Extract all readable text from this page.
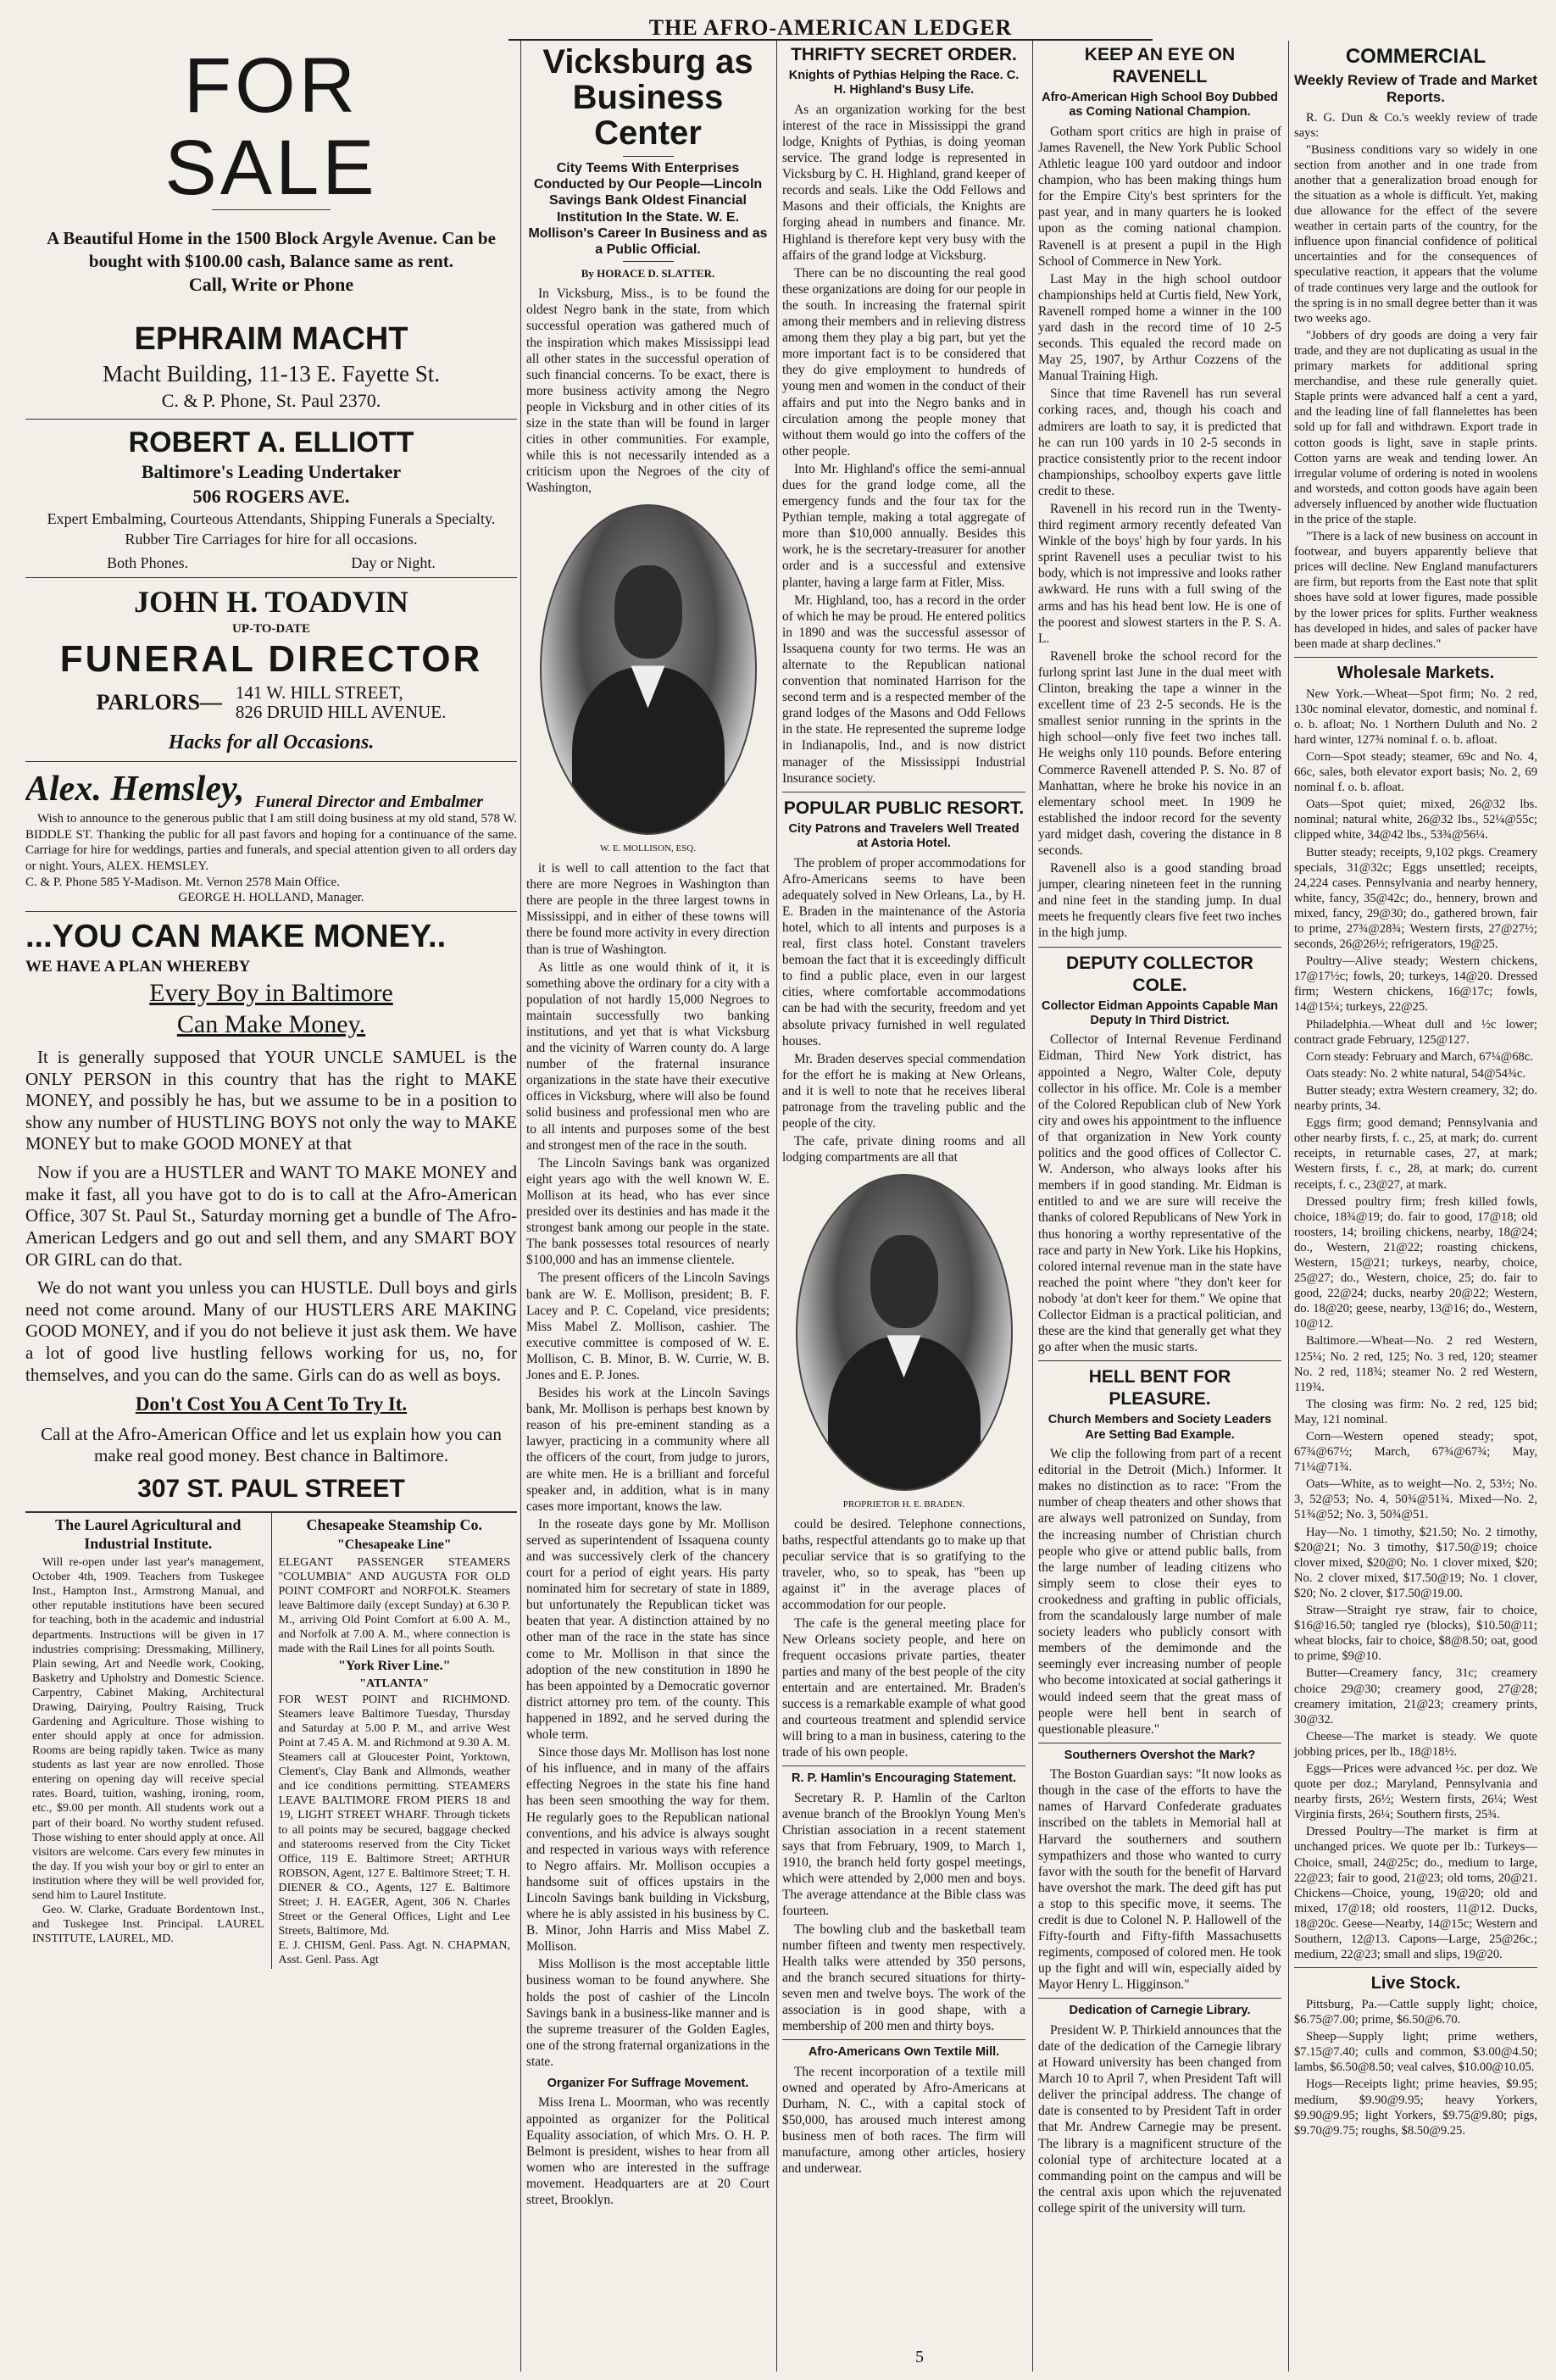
THE AFRO-AMERICAN LEDGER
FOR
SALE
A Beautiful Home in the 1500 Block Argyle Avenue. Can be bought with $100.00 cash, Balance same as rent.
Call, Write or Phone
EPHRAIM MACHT
Macht Building, 11-13 E. Fayette St.
C. & P. Phone, St. Paul 2370.
ROBERT A. ELLIOTT
Baltimore's Leading Undertaker
506 ROGERS AVE.
Expert Embalming, Courteous Attendants, Shipping Funerals a Specialty. Rubber Tire Carriages for hire for all occasions.
Both Phones.	Day or Night.
JOHN H. TOADVIN
UP-TO-DATE
FUNERAL DIRECTOR
PARLORS— 141 W. HILL STREET,
826 DRUID HILL AVENUE.
Hacks for all Occasions.
Alex. Hemsley, Funeral Director and Embalmer
Wish to announce to the generous public that I am still doing business at my old stand, 578 W. BIDDLE ST. Thanking the public for all past favors and hoping for a continuance of the same. Carriage for hire for weddings, parties and funerals, and special attention given to all orders day or night. Yours, ALEX. HEMSLEY.
C. & P. Phone 585 Y-Madison. Mt. Vernon 2578 Main Office.
GEORGE H. HOLLAND, Manager.
...YOU CAN MAKE MONEY..
WE HAVE A PLAN WHEREBY
Every Boy in Baltimore
Can Make Money.
It is generally supposed that YOUR UNCLE SAMUEL is the ONLY PERSON in this country that has the right to MAKE MONEY, and possibly he has, but we assume to be in a position to show any number of HUSTLING BOYS not only the way to MAKE MONEY but to make GOOD MONEY at that
Now if you are a HUSTLER and WANT TO MAKE MONEY and make it fast, all you have got to do is to call at the Afro-American Office, 307 St. Paul St., Saturday morning get a bundle of The Afro-American Ledgers and go out and sell them, and any SMART BOY OR GIRL can do that.
We do not want you unless you can HUSTLE. Dull boys and girls need not come around. Many of our HUSTLERS ARE MAKING GOOD MONEY, and if you do not believe it just ask them. We have a lot of good live hustling fellows working for us, no, for themselves, and you can do the same. Girls can do as well as boys.
Don't Cost You A Cent To Try It.
Call at the Afro-American Office and let us explain how you can make real good money. Best chance in Baltimore.
307 ST. PAUL STREET
The Laurel Agricultural and Industrial Institute.
Will re-open under last year's management, October 4th, 1909. Teachers from Tuskegee Inst., Hampton Inst., Armstrong Manual, and other reputable institutions have been secured for teaching, both in the academic and industrial departments. Instructions will be given in 17 industries comprising: Dressmaking, Millinery, Plain sewing, Art and Needle work, Cooking, Basketry and Upholstry and Domestic Science. Carpentry, Cabinet Making, Architectural Drawing, Dairying, Poultry Raising, Truck Gardening and Agriculture. Those wishing to enter should apply at once for admission. Rooms are being rapidly taken. Twice as many students as last year are now enrolled. Those entering on opening day will receive special rates. Board, tuition, washing, ironing, room, etc., $9.00 per month. All students work out a part of their board. No worthy student refused. Those wishing to enter should apply at once. All visitors are welcome. Cars every few minutes in the day. If you wish your boy or girl to enter an institution where they will be well provided for, send him to Laurel Institute.
Geo. W. Clarke, Graduate Bordentown Inst., and Tuskegee Inst. Principal. LAUREL INSTITUTE, LAUREL, MD.
Chesapeake Steamship Co.
"Chesapeake Line"
ELEGANT PASSENGER STEAMERS "COLUMBIA" AND AUGUSTA FOR OLD POINT COMFORT and NORFOLK. Steamers leave Baltimore daily (except Sunday) at 6.30 P. M., arriving Old Point Comfort at 6.00 A. M., and Norfolk at 7.00 A. M., where connection is made with the Rail Lines for all points South.
"York River Line."
"ATLANTA"
FOR WEST POINT and RICHMOND. Steamers leave Baltimore Tuesday, Thursday and Saturday at 5.00 P. M., and arrive West Point at 7.45 A. M. and Richmond at 9.30 A. M. Steamers call at Gloucester Point, Yorktown, Clement's, Clay Bank and Allmonds, weather and ice conditions permitting. STEAMERS LEAVE BALTIMORE FROM PIERS 18 and 19, LIGHT STREET WHARF. Through tickets to all points may be secured, baggage checked and staterooms reserved from the City Ticket Office, 119 E. Baltimore Street; ARTHUR ROBSON, Agent, 127 E. Baltimore Street; T. H. DIENER & CO., Agents, 127 E. Baltimore Street; J. H. EAGER, Agent, 306 N. Charles Street or the General Offices, Light and Lee Streets, Baltimore, Md.
E. J. CHISM, Genl. Pass. Agt. N. CHAPMAN, Asst. Genl. Pass. Agt
Vicksburg as Business Center
City Teems With Enterprises Conducted by Our People—Lincoln Savings Bank Oldest Financial Institution In the State. W. E. Mollison's Career In Business and as a Public Official.
By HORACE D. SLATTER.

In Vicksburg, Miss., is to be found the oldest Negro bank in the state, from which successful operation was gathered much of the inspiration which makes Mississippi lead all other states in the successful operation of such financial concerns. To be exact, there is more business activity among the Negro people in Vicksburg and in other cities of its size in the state than will be found in larger cities in other communities. For example, while this is not necessarily intended as a criticism upon the Negroes of the city of Washington,

W. E. MOLLISON, ESQ.

it is well to call attention to the fact that there are more Negroes in Washington than there are people in the three largest towns in Mississippi, and in either of these towns will there be found more activity in every direction than is true of Washington.

As little as one would think of it, it is something above the ordinary for a city with a population of not hardly 15,000 Negroes to maintain successfully two banking institutions, and yet that is what Vicksburg and the vicinity of Warren county do. A large number of the fraternal insurance organizations in the state have their executive offices in Vicksburg, where will also be found solid business and professional men who are to all intents and purposes some of the best and strongest men of the race in the south.

The Lincoln Savings bank was organized eight years ago with the well known W. E. Mollison at its head, who has ever since presided over its destinies and has made it the strongest bank among our people in the state. The bank possesses total resources of nearly $100,000 and has an immense clientele.

The present officers of the Lincoln Savings bank are W. E. Mollison, president; B. F. Lacey and P. C. Copeland, vice presidents; Miss Mabel Z. Mollison, cashier. The executive committee is composed of W. E. Mollison, C. B. Minor, B. W. Currie, W. B. Jones and E. P. Jones.

Besides his work at the Lincoln Savings bank, Mr. Mollison is perhaps best known by reason of his pre-eminent standing as a lawyer, practicing in a community where all the officers of the court, from judge to jurors, are white men. He is a brilliant and forceful speaker and, in addition, what is in many cases more important, knows the law.

In the roseate days gone by Mr. Mollison served as superintendent of Issaquena county and was successively clerk of the chancery court for a period of eight years. His party nominated him for secretary of state in 1889, but unfortunately the Republican ticket was beaten that year. A distinction attained by no other man of the race in the state has since come to Mr. Mollison in that since the adoption of the new constitution in 1890 he has been appointed by a Democratic governor district attorney pro tem. of the county. This happened in 1892, and he served during the whole term.

Since those days Mr. Mollison has lost none of his influence, and in many of the affairs effecting Negroes in the state his fine hand has been seen smoothing the way for them. He regularly goes to the Republican national conventions, and his advice is always sought and respected in various ways with reference to Negro affairs. Mr. Mollison occupies a handsome suit of offices upstairs in the Lincoln Savings bank building in Vicksburg, where he is ably assisted in his business by C. B. Minor, John Harris and Miss Mabel Z. Mollison.

Miss Mollison is the most acceptable little business woman to be found anywhere. She holds the post of cashier of the Lincoln Savings bank in a business-like manner and is the supreme treasurer of the Golden Eagles, one of the strong fraternal organizations in the state.

Organizer For Suffrage Movement.

Miss Irena L. Moorman, who was recently appointed as organizer for the Political Equality association, of which Mrs. O. H. P. Belmont is president, wishes to hear from all women who are interested in the suffrage movement. Headquarters are at 20 Court street, Brooklyn.

THRIFTY SECRET ORDER.
Knights of Pythias Helping the Race. C. H. Highland's Busy Life.

As an organization working for the best interest of the race in Mississippi the grand lodge, Knights of Pythias, is doing yeoman service. The grand lodge is represented in Vicksburg by C. H. Highland, grand keeper of records and seals. Like the Odd Fellows and Masons and their officials, the Knights are forging ahead in numbers and finance. Mr. Highland is therefore kept very busy with the affairs of the grand lodge at Vicksburg.

There can be no discounting the real good these organizations are doing for our people in the south. In increasing the fraternal spirit among their members and in relieving distress among them they play a big part, but yet the more important fact is to be considered that they do give employment to hundreds of young men and women in the conduct of their affairs and put into the Negro banks and in circulation among the people money that without them would go into the coffers of the other people.

Into Mr. Highland's office the semi-annual dues for the grand lodge come, all the emergency funds and the four tax for the Pythian temple, making a total aggregate of more than $10,000 annually. Besides this work, he is the secretary-treasurer for another order and is a successful and extensive planter, having a large farm at Fitler, Miss.

Mr. Highland, too, has a record in the order of which he may be proud. He entered politics in 1890 and was the successful assessor of Issaquena county for two terms. He was an alternate to the Republican national convention that nominated Harrison for the second term and is a respected member of the grand lodges of the Masons and Odd Fellows in the state. He represented the supreme lodge in Indianapolis, Ind., and is now district manager of the Mississippi Industrial Insurance society.

POPULAR PUBLIC RESORT.
City Patrons and Travelers Well Treated at Astoria Hotel.

The problem of proper accommodations for Afro-Americans seems to have been adequately solved in New Orleans, La., by H. E. Braden in the maintenance of the Astoria hotel, which to all intents and purposes is a real, first class hotel. Constant travelers bemoan the fact that it is exceedingly difficult to find a public place, even in our largest cities, where comfortable accommodations can be had with the security, freedom and yet absolute privacy furnished in well regulated houses.

Mr. Braden deserves special commendation for the effort he is making at New Orleans, and it is well to note that he receives liberal patronage from the traveling public and the people of the city.

The cafe, private dining rooms and all lodging compartments are all that

PROPRIETOR H. E. BRADEN.

could be desired. Telephone connections, baths, respectful attendants go to make up that peculiar service that is so gratifying to the traveler, who, so to speak, has "been up against it" in the average places of accommodation for our people.

The cafe is the general meeting place for New Orleans society people, and here on frequent occasions private parties, theater parties and many of the best people of the city entertain and are entertained. Mr. Braden's success is a remarkable example of what good and courteous treatment and splendid service will bring to a man in business, catering to the trade of his own people.

R. P. Hamlin's Encouraging Statement.

Secretary R. P. Hamlin of the Carlton avenue branch of the Brooklyn Young Men's Christian association in a recent statement says that from February, 1909, to March 1, 1910, the branch held forty gospel meetings, which were attended by 2,000 men and boys. The average attendance at the Bible class was fourteen.

The bowling club and the basketball team number fifteen and twenty men respectively. Health talks were attended by 350 persons, and the branch secured situations for thirty-seven men and twelve boys. The work of the association is in good shape, with a membership of 200 men and thirty boys.

Afro-Americans Own Textile Mill.

The recent incorporation of a textile mill owned and operated by Afro-Americans at Durham, N. C., with a capital stock of $50,000, has aroused much interest among business men of both races. The firm will manufacture, among other articles, hosiery and underwear.

KEEP AN EYE ON RAVENELL
Afro-American High School Boy Dubbed as Coming National Champion.

Gotham sport critics are high in praise of James Ravenell, the New York Public School Athletic league 100 yard outdoor and indoor champion, who has been making things hum for the Empire City's best sprinters for the past year, and in many quarters he is looked upon as the coming national champion. Ravenell is at present a pupil in the High School of Commerce in New York.

Last May in the high school outdoor championships held at Curtis field, New York, Ravenell romped home a winner in the 100 yard dash in the record time of 10 2-5 seconds. This equaled the record made on May 25, 1907, by Arthur Cozzens of the Manual Training High.

Since that time Ravenell has run several corking races, and, though his coach and admirers are loath to say, it is predicted that he can run 100 yards in 10 2-5 seconds in practice consistently prior to the recent indoor championships, schoolboy experts gave little credit to these.

Ravenell in his record run in the Twenty-third regiment armory recently defeated Van Winkle of the boys' high by four yards. In his sprint Ravenell uses a peculiar twist to his body, which is not impressive and looks rather awkward. He runs with a full swing of the arms and has his head bent low. He is one of the poorest and slowest starters in the P. S. A. L.

Ravenell broke the school record for the furlong sprint last June in the dual meet with Clinton, breaking the tape a winner in the excellent time of 23 2-5 seconds. He is the smallest senior running in the sprints in the high school—only five feet two inches tall. He weighs only 110 pounds. Before entering Commerce Ravenell attended P. S. No. 87 of Manhattan, where he broke his novice in an elementary school meet. In 1909 he established the indoor record for the seventy yard midget dash, covering the distance in 8 seconds.

Ravenell also is a good standing broad jumper, clearing nineteen feet in the running and nine feet in the standing jump. In dual meets he frequently clears five feet two inches in the high jump.

DEPUTY COLLECTOR COLE.
Collector Eidman Appoints Capable Man Deputy In Third District.

Collector of Internal Revenue Ferdinand Eidman, Third New York district, has appointed a Negro, Walter Cole, deputy collector in his office. Mr. Cole is a member of the Colored Republican club of New York city and owes his appointment to the influence of that organization in New York county politics and the good offices of Collector C. W. Anderson, who always looks after his members if in good standing. Mr. Eidman is entitled to and we are sure will receive the thanks of colored Republicans of New York in thus honoring a worthy representative of the race and party in New York. Like his Hopkins, colored internal revenue man in the state have reached the point where "they don't keer for nobody 'at don't keer for them." We opine that Collector Eidman is a practical politician, and these are the kind that generally get what they go after when the music starts.

HELL BENT FOR PLEASURE.
Church Members and Society Leaders Are Setting Bad Example.

We clip the following from part of a recent editorial in the Detroit (Mich.) Informer. It makes no distinction as to race: "From the number of cheap theaters and other shows that are always well patronized on Sunday, from the increasing number of Christian church people who give or attend public balls, from the large number of leading citizens who simply seem to close their eyes to crookedness and grafting in public officials, from the scandalously large number of male society leaders who publicly consort with members of the demimonde and the seemingly ever increasing number of people who become intoxicated at social gatherings it would indeed seem that the great mass of people were hell bent in search of questionable pleasure."

Southerners Overshot the Mark?

The Boston Guardian says: "It now looks as though in the case of the efforts to have the names of Harvard Confederate graduates inscribed on the tablets in Memorial hall at Harvard the southerners and southern sympathizers and those who wanted to curry favor with the south for the benefit of Harvard have overshot the mark. The deed gift has put a stop to this specific move, it seems. The credit is due to Colonel N. P. Hallowell of the Fifty-fourth and Fifty-fifth Massachusetts regiments, composed of colored men. He took up the fight and will win, especially aided by Mayor Henry L. Higginson."

Dedication of Carnegie Library.

President W. P. Thirkield announces that the date of the dedication of the Carnegie library at Howard university has been changed from March 10 to April 7, when President Taft will deliver the principal address. The change of date is consented to by President Taft in order that Mr. Andrew Carnegie may be present. The library is a magnificent structure of the colonial type of architecture located at a commanding point on the campus and will be the central axis upon which the rejuvenated college spirit of the university will turn.

COMMERCIAL
Weekly Review of Trade and Market Reports.

R. G. Dun & Co.'s weekly review of trade says:

"Business conditions vary so widely in one section from another and in one trade from another that a generalization broad enough for the situation as a whole is difficult. Yet, making due allowance for the effect of the severe weather in certain parts of the country, for the influence upon financial confidence of political uncertainties and for the consequences of speculative reaction, it appears that the volume of trade continues very large and the outlook for the spring is in no small degree better than it was two weeks ago.

"Jobbers of dry goods are doing a very fair trade, and they are not duplicating as usual in the primary markets for additional spring merchandise, and these rule generally quiet. Staple prints were advanced half a cent a yard, and the leading line of fall flannelettes has been sold up for fall and withdrawn. Export trade in cotton goods is light, save in staple prints. Cotton yarns are weak and tending lower. An irregular volume of ordering is noted in woolens and worsteds, and cotton goods have again been adversely influenced by another wide fluctuation in the price of the staple.

"There is a lack of new business on account in footwear, and buyers apparently believe that prices will decline. New England manufacturers are firm, but reports from the East note that split shoes have sold at lower figures, made possible by the lower prices for splits. Further weakness has developed in hides, and sales of packer have been made at sharp declines."

Wholesale Markets.

New York.—Wheat—Spot firm; No. 2 red, 130c nominal elevator, domestic, and nominal f. o. b. afloat; No. 1 Northern Duluth and No. 2 hard winter, 127¾ nominal f. o. b. afloat.

Corn—Spot steady; steamer, 69c and No. 4, 66c, sales, both elevator export basis; No. 2, 69 nominal f. o. b. afloat.

Oats—Spot quiet; mixed, 26@32 lbs. nominal; natural white, 26@32 lbs., 52¼@55c; clipped white, 34@42 lbs., 53¾@56¼.

Butter steady; receipts, 9,102 pkgs. Creamery specials, 31@32c; Eggs unsettled; receipts, 24,224 cases. Pennsylvania and nearby hennery, white, fancy, 35@42c; do., hennery, brown and mixed, fancy, 29@30; do., gathered brown, fair to prime, 27¾@28¾; Western firsts, 27@27½; seconds, 26@26½; refrigerators, 19@25.

Poultry—Alive steady; Western chickens, 17@17½c; fowls, 20; turkeys, 14@20. Dressed firm; Western chickens, 16@17c; fowls, 14@15¼; turkeys, 22@25.

Philadelphia.—Wheat dull and ½c lower; contract grade February, 125@127.

Corn steady: February and March, 67¼@68c.

Oats steady: No. 2 white natural, 54@54¾c.

Butter steady; extra Western creamery, 32; do. nearby prints, 34.

Eggs firm; good demand; Pennsylvania and other nearby firsts, f. c., 25, at mark; do. current receipts, in returnable cases, 27, at mark; Western firsts, f. c., 28, at mark; do. current receipts, f. c., 23@27, at mark.

Dressed poultry firm; fresh killed fowls, choice, 18¾@19; do. fair to good, 17@18; old roosters, 14; broiling chickens, nearby, 18@24; do., Western, 21@22; roasting chickens, Western, 15@21; turkeys, nearby, choice, 25@27; do., Western, choice, 25; do. fair to good, 22@24; ducks, nearby 20@22; Western, do. 18@20; geese, nearby, 13@16; do., Western, 10@12.

Baltimore.—Wheat—No. 2 red Western, 125¼; No. 2 red, 125; No. 3 red, 120; steamer No. 2 red, 118¾; steamer No. 2 red Western, 119¾.

The closing was firm: No. 2 red, 125 bid; May, 121 nominal.

Corn—Western opened steady; spot, 67¾@67½; March, 67¾@67¾; May, 71¼@71¾.

Oats—White, as to weight—No. 2, 53½; No. 3, 52@53; No. 4, 50¾@51¾. Mixed—No. 2, 51¾@52; No. 3, 50¾@51.

Hay—No. 1 timothy, $21.50; No. 2 timothy, $20@21; No. 3 timothy, $17.50@19; choice clover mixed, $20@0; No. 1 clover mixed, $20; No. 2 clover mixed, $17.50@19; No. 1 clover, $20; No. 2 clover, $17.50@19.00.

Straw—Straight rye straw, fair to choice, $16@16.50; tangled rye (blocks), $10.50@11; wheat blocks, fair to choice, $8@8.50; oat, good to prime, $9@10.

Butter—Creamery fancy, 31c; creamery choice 29@30; creamery good, 27@28; creamery imitation, 21@23; creamery prints, 30@32.

Cheese—The market is steady. We quote jobbing prices, per lb., 18@18½.

Eggs—Prices were advanced ½c. per doz. We quote per doz.; Maryland, Pennsylvania and nearby firsts, 26½; Western firsts, 26¼; West Virginia firsts, 26¼; Southern firsts, 25¾.

Dressed Poultry—The market is firm at unchanged prices. We quote per lb.: Turkeys—Choice, small, 24@25c; do., medium to large, 22@23; fair to good, 21@23; old toms, 20@21. Chickens—Choice, young, 19@20; old and mixed, 17@18; old roosters, 11@12. Ducks, 18@20c. Geese—Nearby, 14@15c; Western and Southern, 12@13. Capons—Large, 25@26c.; medium, 22@23; small and slips, 19@20.

Live Stock.

Pittsburg, Pa.—Cattle supply light; choice, $6.75@7.00; prime, $6.50@6.70.

Sheep—Supply light; prime wethers, $7.15@7.40; culls and common, $3.00@4.50; lambs, $6.50@8.50; veal calves, $10.00@10.05.

Hogs—Receipts light; prime heavies, $9.95; medium, $9.90@9.95; heavy Yorkers, $9.90@9.95; light Yorkers, $9.75@9.80; pigs, $9.70@9.75; roughs, $8.50@9.25.

5
